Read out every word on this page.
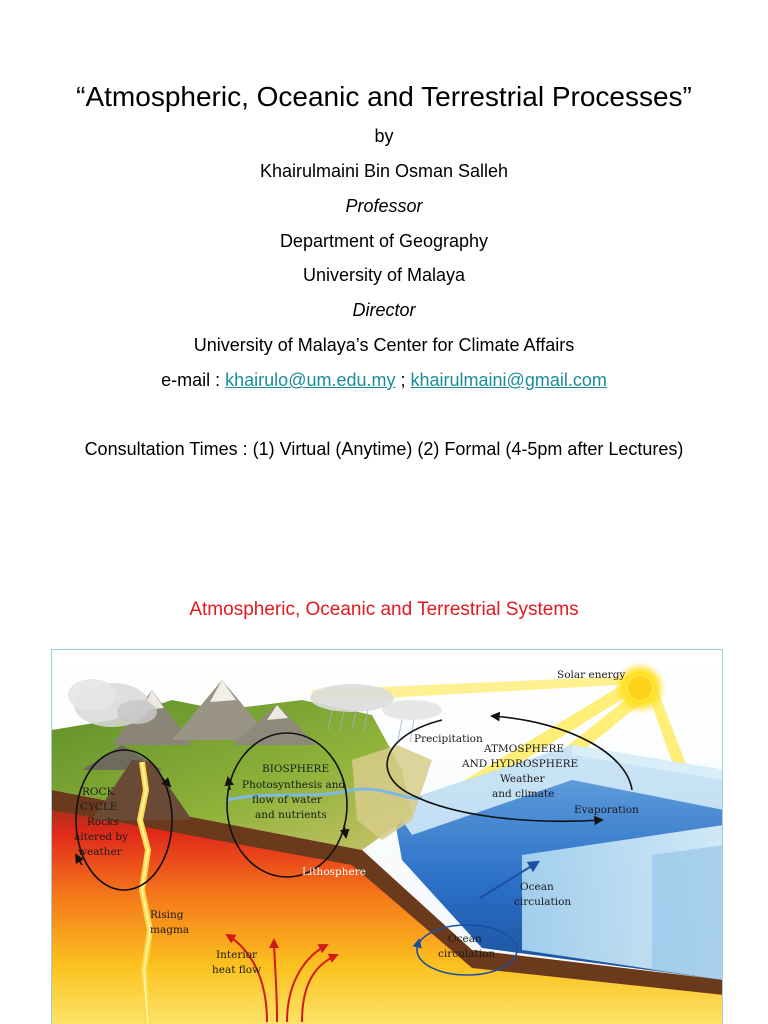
“Atmospheric, Oceanic and Terrestrial Processes”
by
Khairulmaini Bin Osman Salleh
Professor
Department of Geography
University of Malaya
Director
University of Malaya’s Center for Climate Affairs
e-mail : khairulo@um.edu.my ; khairulmaini@gmail.com
Consultation Times : (1) Virtual (Anytime) (2) Formal (4-5pm after Lectures)
Atmospheric, Oceanic and Terrestrial Systems
Solar energy
Precipitation
ATMOSPHERE
AND HYDROSPHERE
Weather
and climate
Evaporation
BIOSPHERE
Photosynthesis and
flow of water
and nutrients
ROCK
CYCLE
Rocks
altered by
weather
Lithosphere
Ocean
circulation
Ocean
circulation
Rising
magma
Interior
heat flow
